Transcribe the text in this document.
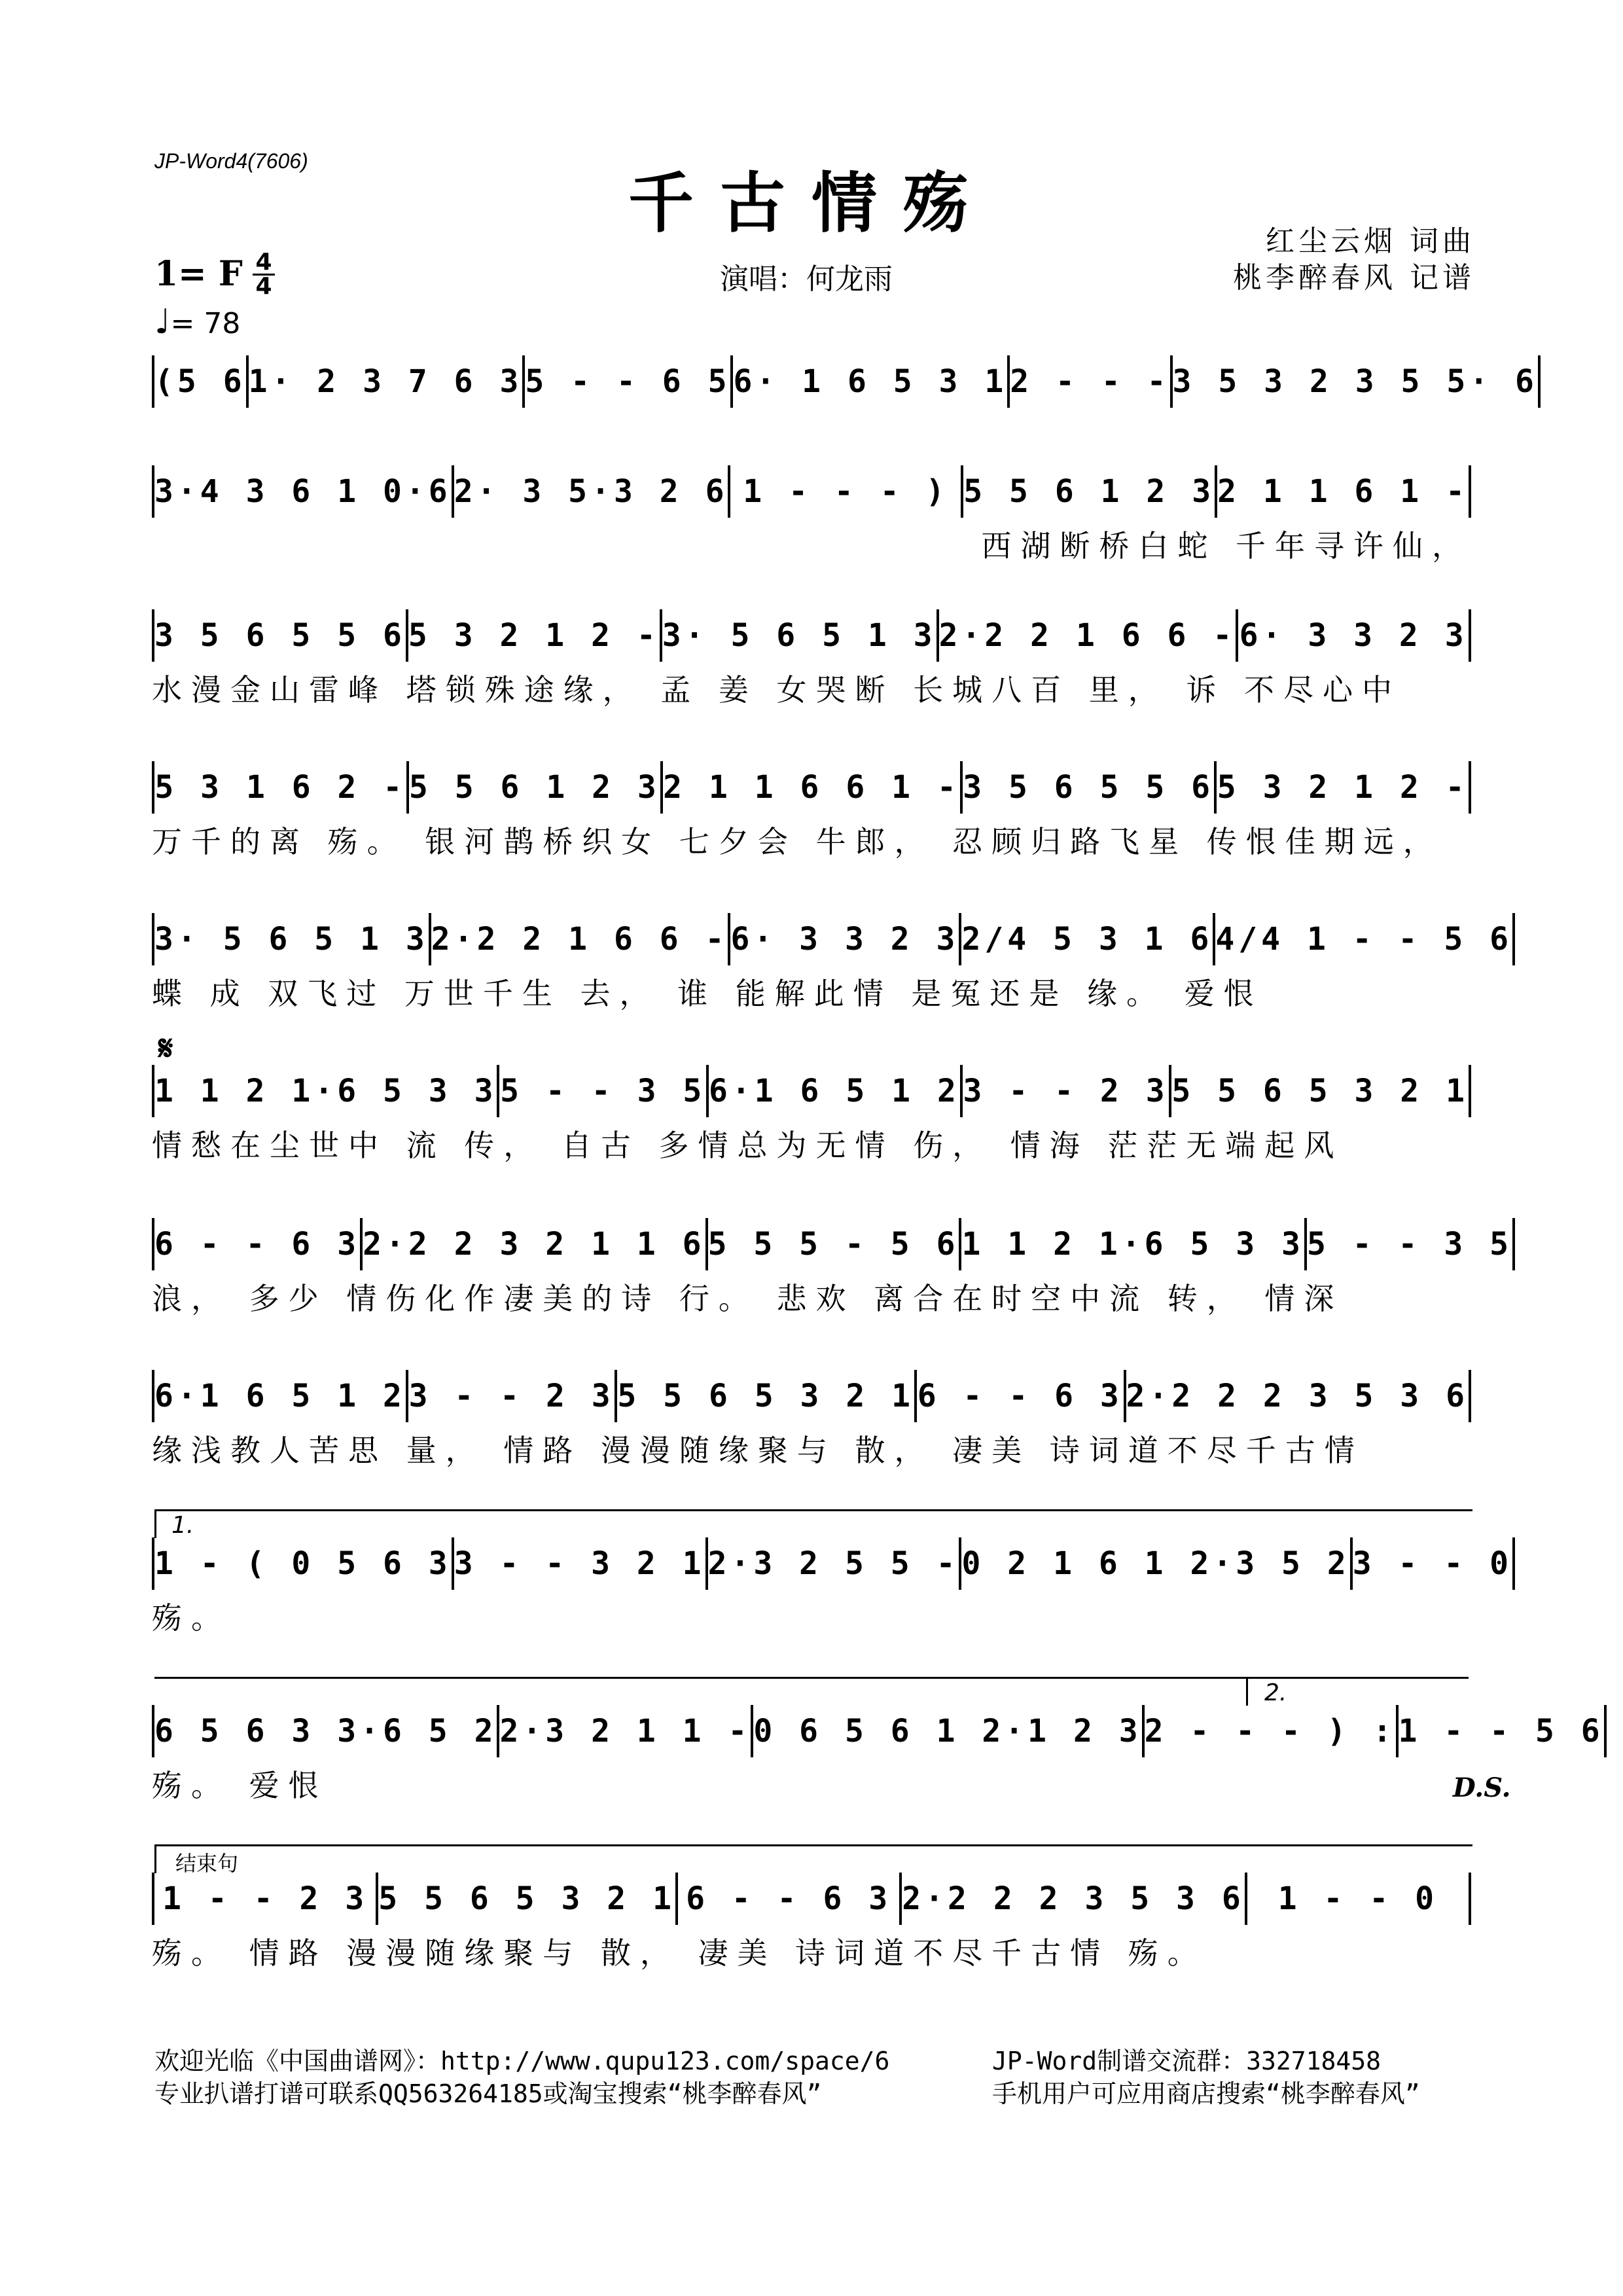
JP-Word4(7606)
千古情殇
演唱：何龙雨
红尘云烟 词曲
桃李醉春风 记谱
1= F 4
4
♩= 78
(5 6 1· 2 3 7 6 3 5 - - 6 5 6· 1 6 5 3 1 2 - - - 3 5 3 2 3 5 5· 6
3·4 3 6 1 0·6 2· 3 5·3 2 6 1 - - - ) 5 5 6 1 2 3 2 1 1 6 1 -
西湖断桥白蛇 千年寻许仙，
3 5 6 5 5 6 5 3 2 1 2 - 3· 5 6 5 1 3 2·2 2 1 6 6 - 6· 3 3 2 3
水漫金山雷峰 塔锁殊途缘， 孟 姜 女哭断 长城八百 里， 诉 不尽心中
5 3 1 6 2 - 5 5 6 1 2 3 2 1 1 6 6 1 - 3 5 6 5 5 6 5 3 2 1 2 -
万千的离 殇。 银河鹊桥织女 七夕会 牛郎， 忍顾归路飞星 传恨佳期远，
3· 5 6 5 1 3 2·2 2 1 6 6 - 6· 3 3 2 3 2/4 5 3 1 6 4/4 1 - - 5 6
蝶 成 双飞过 万世千生 去， 谁 能解此情 是冤还是 缘。 爱恨
1 1 2 1·6 5 3 3 5 - - 3 5 6·1 6 5 1 2 3 - - 2 3 5 5 6 5 3 2 1
情愁在尘世中 流 传， 自古 多情总为无情 伤， 情海 茫茫无端起风
6 - - 6 3 2·2 2 3 2 1 1 6 5 5 5 - 5 6 1 1 2 1·6 5 3 3 5 - - 3 5
浪， 多少 情伤化作凄美的诗 行。 悲欢 离合在时空中流 转， 情深
6·1 6 5 1 2 3 - - 2 3 5 5 6 5 3 2 1 6 - - 6 3 2·2 2 2 3 5 3 6
缘浅教人苦思 量， 情路 漫漫随缘聚与 散， 凄美 诗词道不尽千古情
1 - ( 0 5 6 3 3 - - 3 2 1 2·3 2 5 5 - 0 2 1 6 1 2·3 5 2 3 - - 0
殇。
6 5 6 3 3·6 5 2 2·3 2 1 1 - 0 6 5 6 1 2·1 2 3 2 - - - ) : 1 - - 5 6
殇。 爱恨
1 - - 2 3 5 5 6 5 3 2 1 6 - - 6 3 2·2 2 2 3 5 3 6	1 - - 0
殇。 情路 漫漫随缘聚与 散， 凄美 诗词道不尽千古情 殇。
𝄋
1.
2.
D.S.
结束句
欢迎光临《中国曲谱网》：http://www.qupu123.com/space/6	JP-Word制谱交流群：332718458
专业扒谱打谱可联系QQ563264185或淘宝搜索“桃李醉春风”	手机用户可应用商店搜索“桃李醉春风”
